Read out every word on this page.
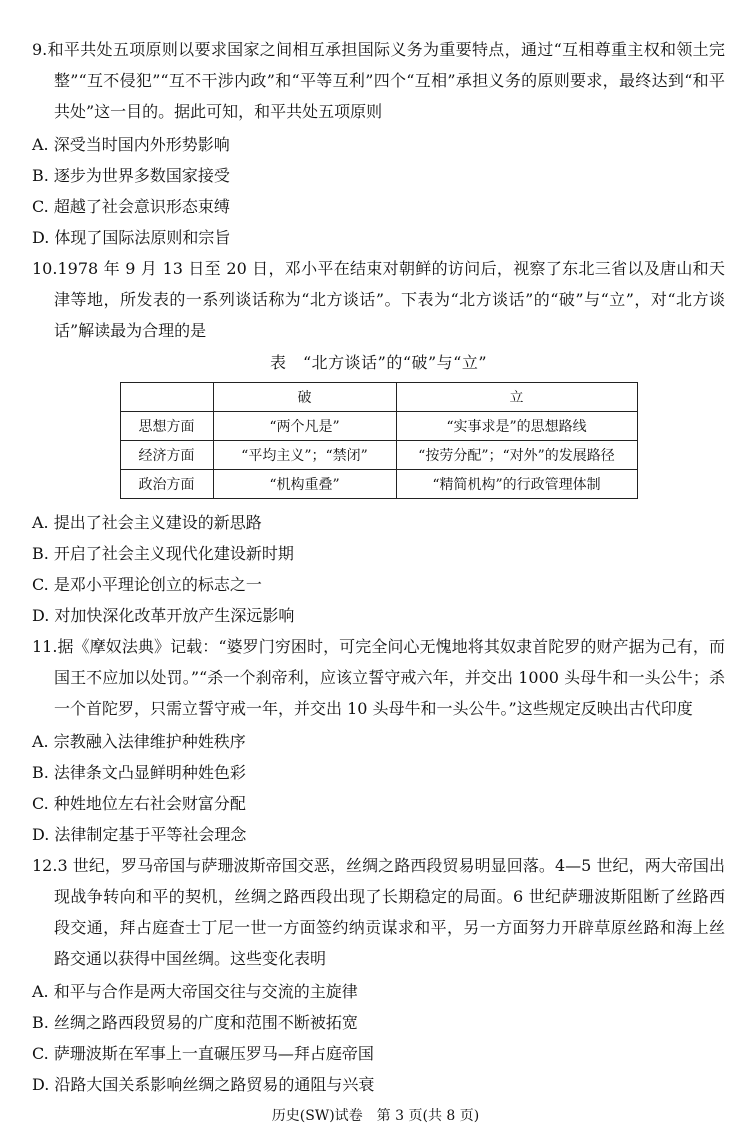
9.和平共处五项原则以要求国家之间相互承担国际义务为重要特点，通过“互相尊重主权和领土完整”“互不侵犯”“互不干涉内政”和“平等互利”四个“互相”承担义务的原则要求，最终达到“和平共处”这一目的。据此可知，和平共处五项原则
A. 深受当时国内外形势影响
B. 逐步为世界多数国家接受
C. 超越了社会意识形态束缚
D. 体现了国际法原则和宗旨
10.1978 年 9 月 13 日至 20 日，邓小平在结束对朝鲜的访问后，视察了东北三省以及唐山和天津等地，所发表的一系列谈话称为“北方谈话”。下表为“北方谈话”的“破”与“立”，对“北方谈话”解读最为合理的是
表　“北方谈话”的“破”与“立”
	破	立
思想方面	“两个凡是”	“实事求是”的思想路线
经济方面	“平均主义”；“禁闭”	“按劳分配”；“对外”的发展路径
政治方面	“机构重叠”	“精简机构”的行政管理体制
A. 提出了社会主义建设的新思路
B. 开启了社会主义现代化建设新时期
C. 是邓小平理论创立的标志之一
D. 对加快深化改革开放产生深远影响
11.据《摩奴法典》记载：“婆罗门穷困时，可完全问心无愧地将其奴隶首陀罗的财产据为己有，而国王不应加以处罚。”“杀一个刹帝利，应该立誓守戒六年，并交出 1000 头母牛和一头公牛；杀一个首陀罗，只需立誓守戒一年，并交出 10 头母牛和一头公牛。”这些规定反映出古代印度
A. 宗教融入法律维护种姓秩序
B. 法律条文凸显鲜明种姓色彩
C. 种姓地位左右社会财富分配
D. 法律制定基于平等社会理念
12.3 世纪，罗马帝国与萨珊波斯帝国交恶，丝绸之路西段贸易明显回落。4—5 世纪，两大帝国出现战争转向和平的契机，丝绸之路西段出现了长期稳定的局面。6 世纪萨珊波斯阻断了丝路西段交通，拜占庭查士丁尼一世一方面签约纳贡谋求和平，另一方面努力开辟草原丝路和海上丝路交通以获得中国丝绸。这些变化表明
A. 和平与合作是两大帝国交往与交流的主旋律
B. 丝绸之路西段贸易的广度和范围不断被拓宽
C. 萨珊波斯在军事上一直碾压罗马—拜占庭帝国
D. 沿路大国关系影响丝绸之路贸易的通阻与兴衰
历史(SW)试卷　第 3 页(共 8 页)
